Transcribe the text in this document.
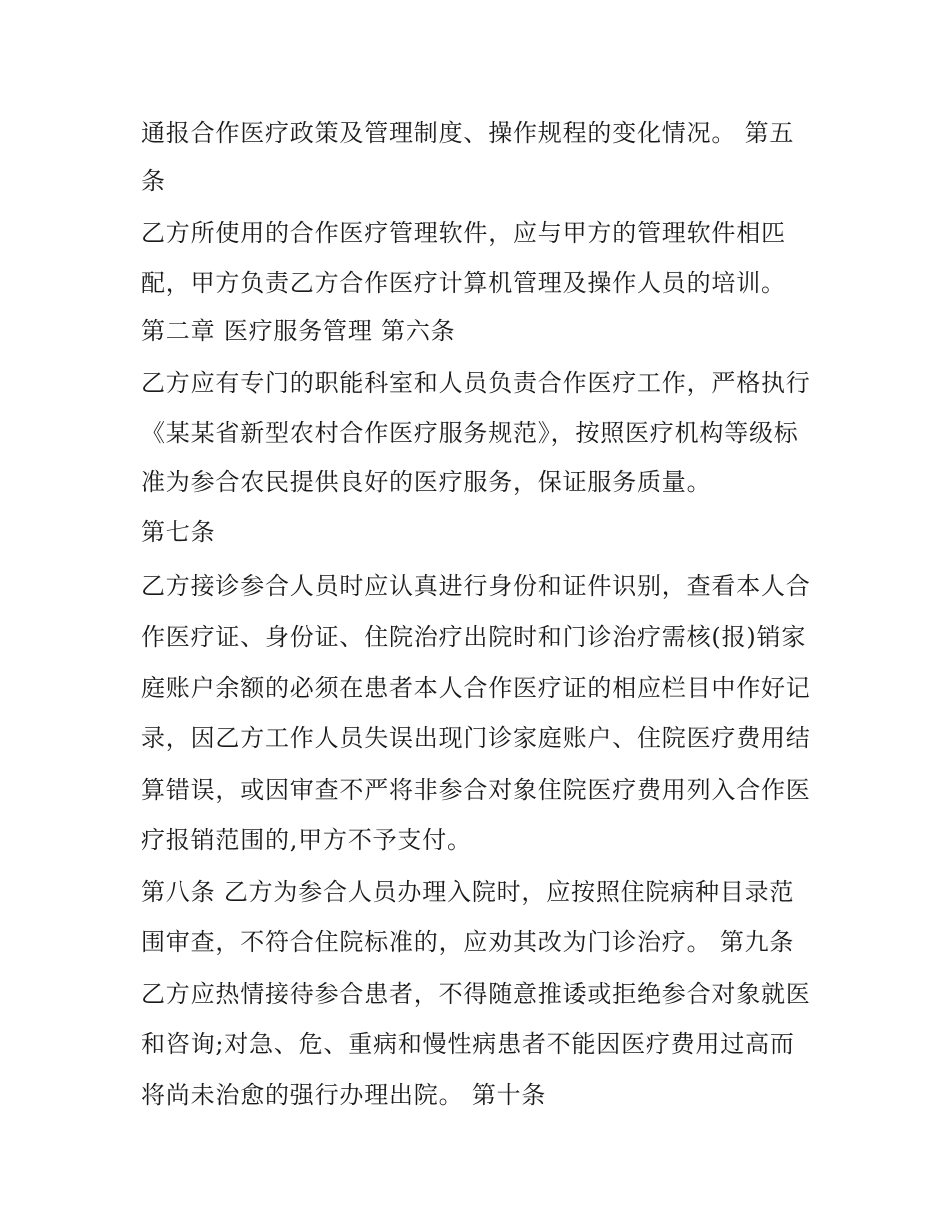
通报合作医疗政策及管理制度、操作规程的变化情况。 第五
条
乙方所使用的合作医疗管理软件，应与甲方的管理软件相匹
配，甲方负责乙方合作医疗计算机管理及操作人员的培训。
第二章 医疗服务管理 第六条
乙方应有专门的职能科室和人员负责合作医疗工作，严格执行
《某某省新型农村合作医疗服务规范》，按照医疗机构等级标
准为参合农民提供良好的医疗服务，保证服务质量。
第七条
乙方接诊参合人员时应认真进行身份和证件识别，查看本人合
作医疗证、身份证、住院治疗出院时和门诊治疗需核(报)销家
庭账户余额的必须在患者本人合作医疗证的相应栏目中作好记
录，因乙方工作人员失误出现门诊家庭账户、住院医疗费用结
算错误，或因审查不严将非参合对象住院医疗费用列入合作医
疗报销范围的,甲方不予支付。
第八条 乙方为参合人员办理入院时，应按照住院病种目录范
围审查，不符合住院标准的，应劝其改为门诊治疗。 第九条
乙方应热情接待参合患者，不得随意推诿或拒绝参合对象就医
和咨询;对急、危、重病和慢性病患者不能因医疗费用过高而
将尚未治愈的强行办理出院。 第十条
